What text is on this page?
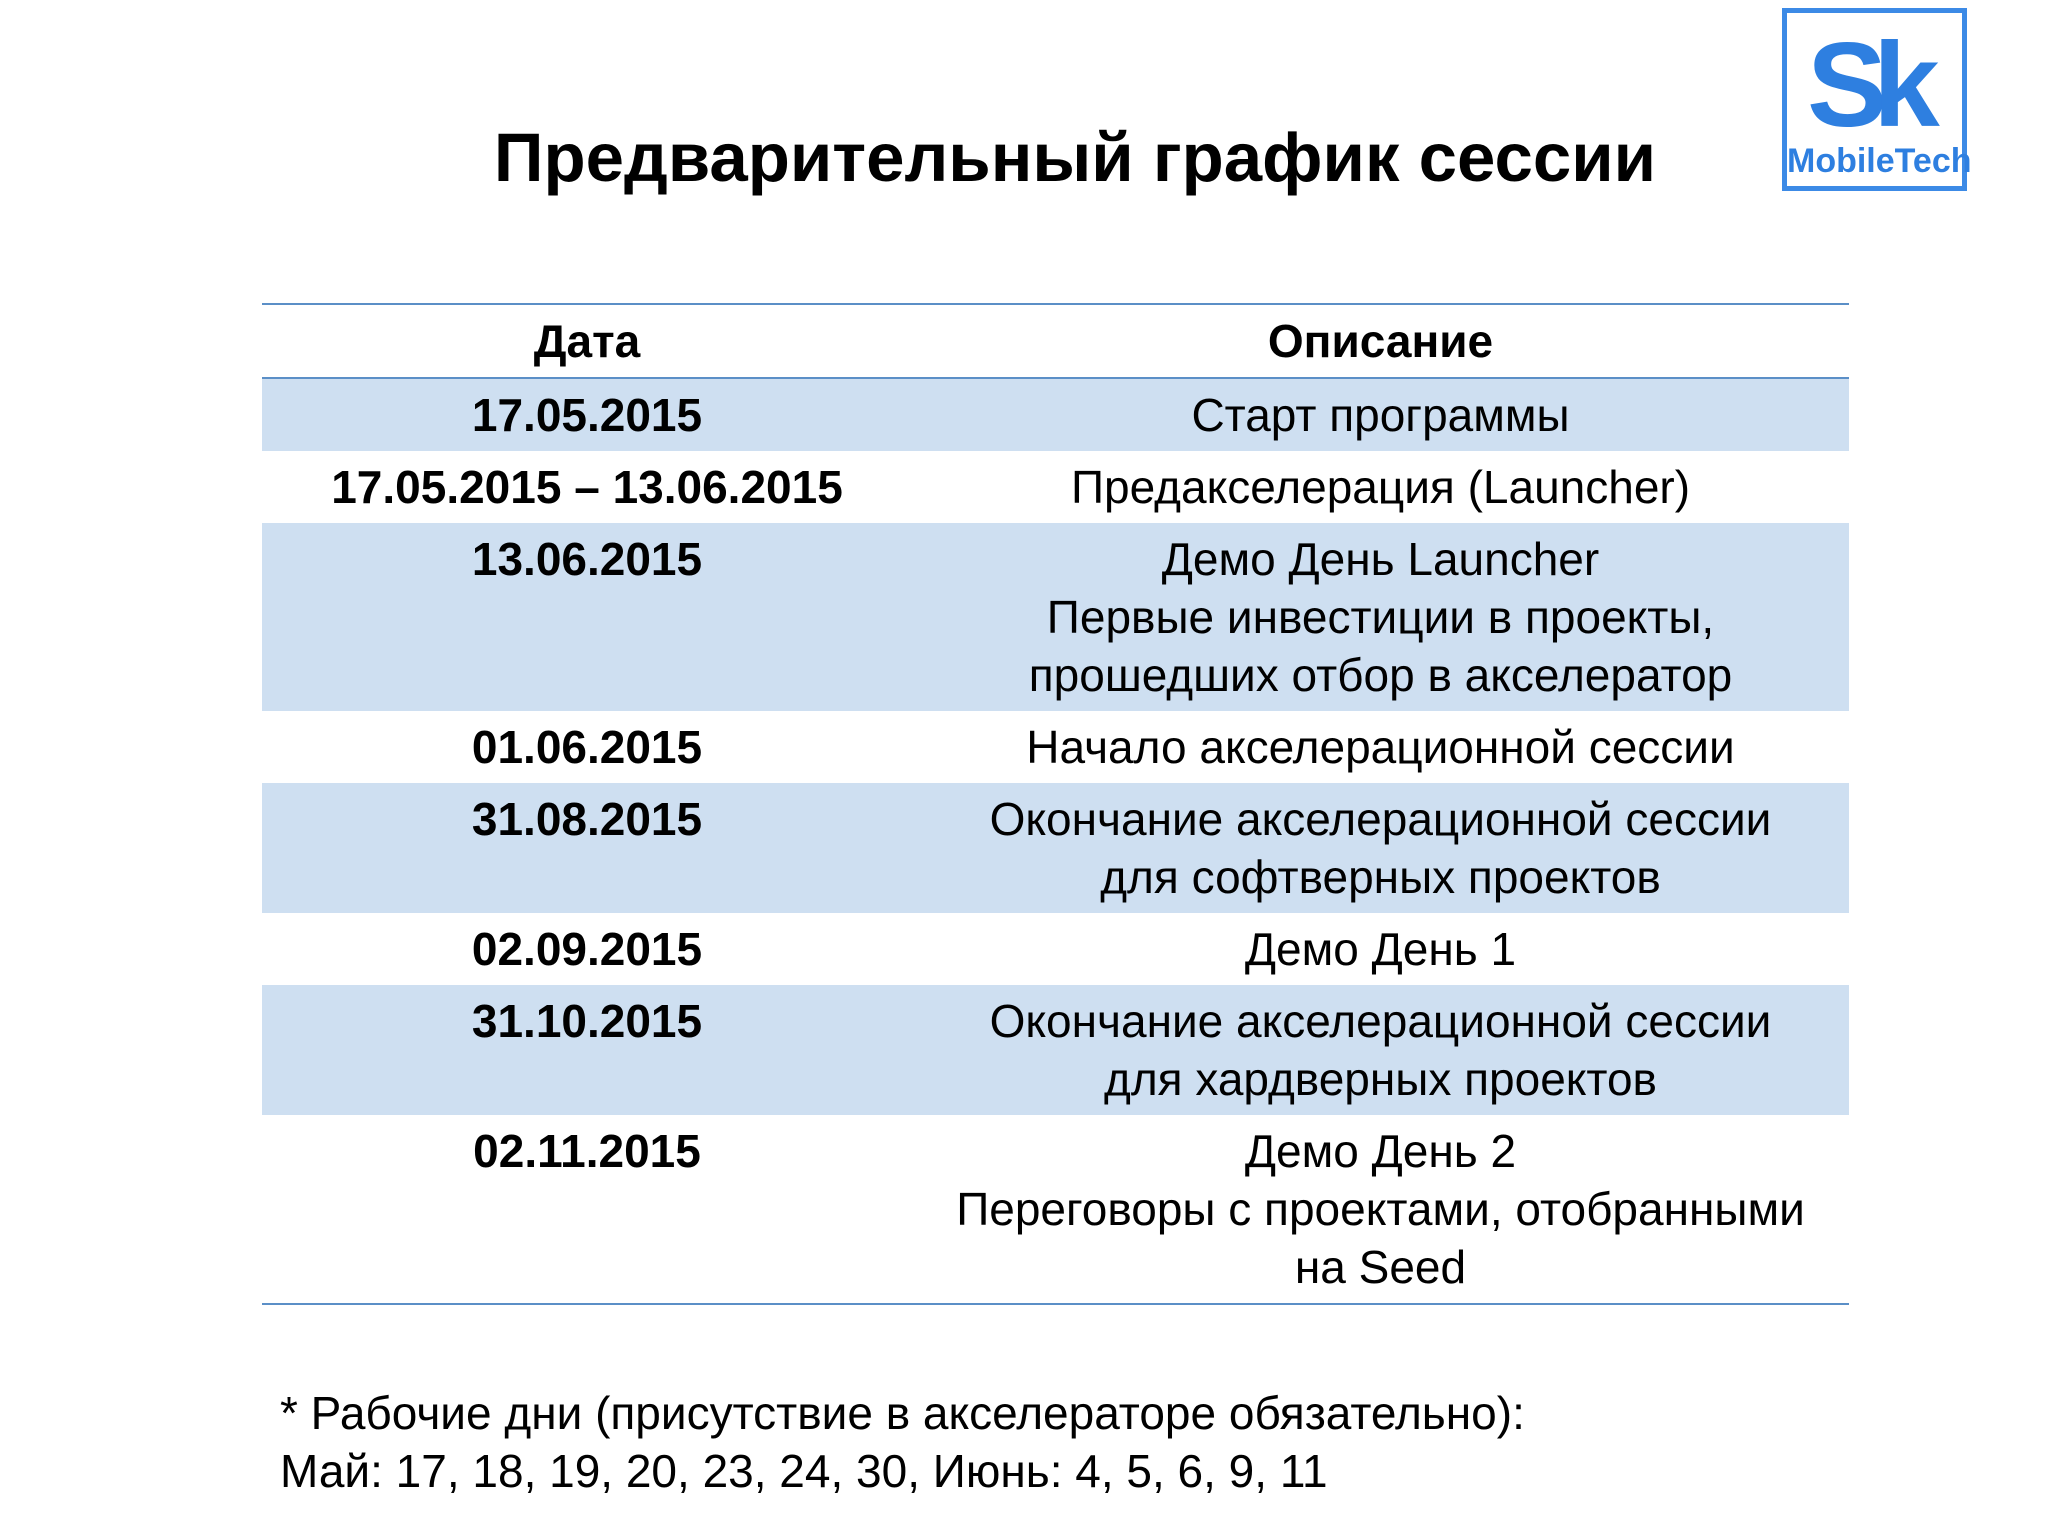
Предварительный график сессии
Sk
MobileTech
Дата	Описание
17.05.2015	Старт программы

17.05.2015 – 13.06.2015	Предакселерация (Launcher)

13.06.2015	Демо День Launcher
Первые инвестиции в проекты,
прошедших отбор в акселератор

01.06.2015	Начало акселерационной сессии

31.08.2015	Окончание акселерационной сессии
для софтверных проектов

02.09.2015	Демо День 1

31.10.2015	Окончание акселерационной сессии
для хардверных проектов

02.11.2015	Демо День 2
Переговоры с проектами, отобранными
на Seed
* Рабочие дни (присутствие в акселераторе обязательно):
Май: 17, 18, 19, 20, 23, 24, 30, Июнь: 4, 5, 6, 9, 11
